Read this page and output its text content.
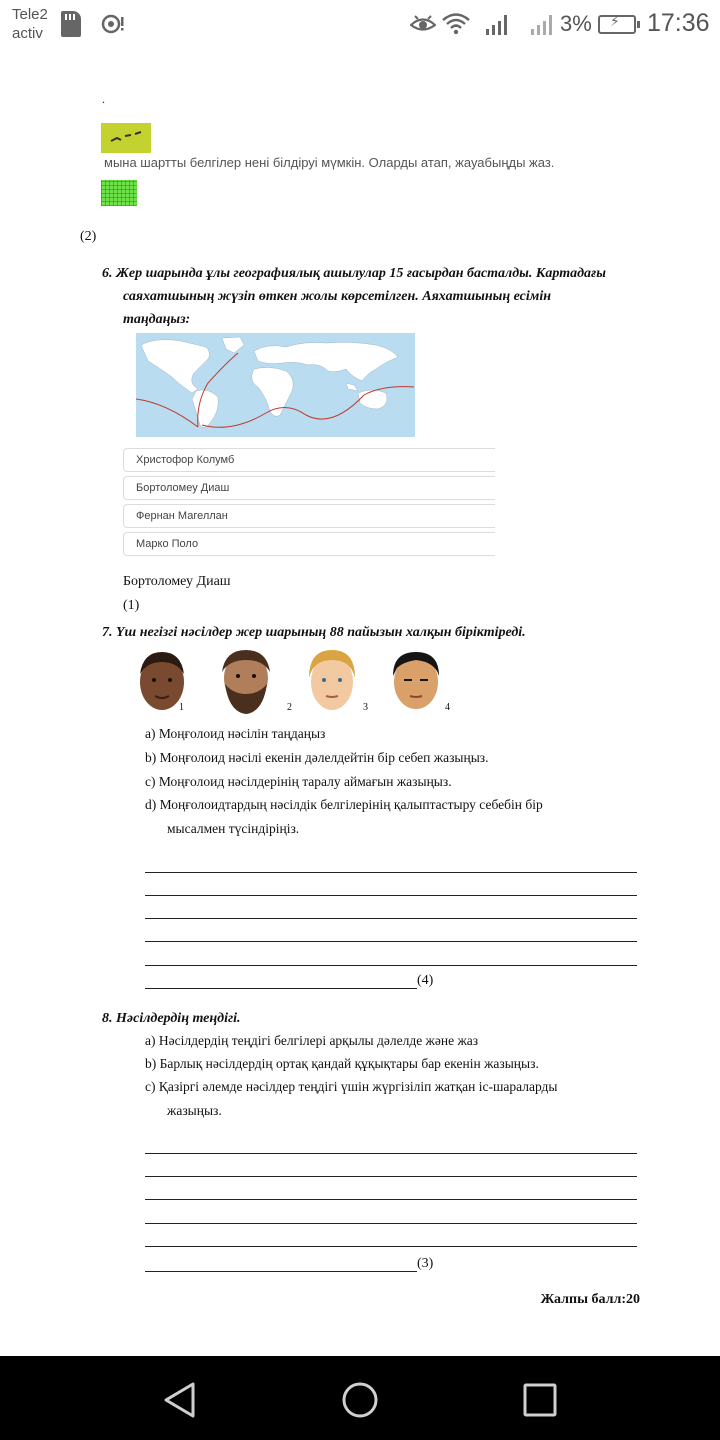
Tele2
activ	3% ⚡ 17:36
.
мына шартты белгілер нені білдіруі мүмкін. Оларды атап, жауабыңды жаз.
(2)
6. Жер шарында ұлы географиялық ашылулар 15 ғасырдан басталды. Картадағы
саяхатшының жүзіп өткен жолы көрсетілген. Аяхатшының есімін
таңдаңыз:
Христофор Колумб
Бортоломеу Диаш
Фернан Магеллан
Марко Поло
Бортоломеу Диаш
(1)
7. Үш негізгі нәсілдер жер шарының 88 пайызын халқын біріктіреді.
1	2	3	4
a) Моңғолоид нәсілін таңдаңыз
b) Моңғолоид нәсілі екенін дәлелдейтін бір себеп жазыңыз.
c) Моңғолоид нәсілдерінің таралу аймағын жазыңыз.
d) Моңғолоидтардың нәсілдік белгілерінің қалыптастыру себебін бір
мысалмен түсіндіріңіз.
(4)
8. Нәсілдердің теңдігі.
a) Нәсілдердің теңдігі белгілері арқылы дәлелде және жаз
b) Барлық нәсілдердің ортақ қандай құқықтары бар екенін жазыңыз.
c) Қазіргі әлемде нәсілдер теңдігі үшін жүргізіліп жатқан іс-шараларды
жазыңыз.
(3)
Жалпы балл:20
